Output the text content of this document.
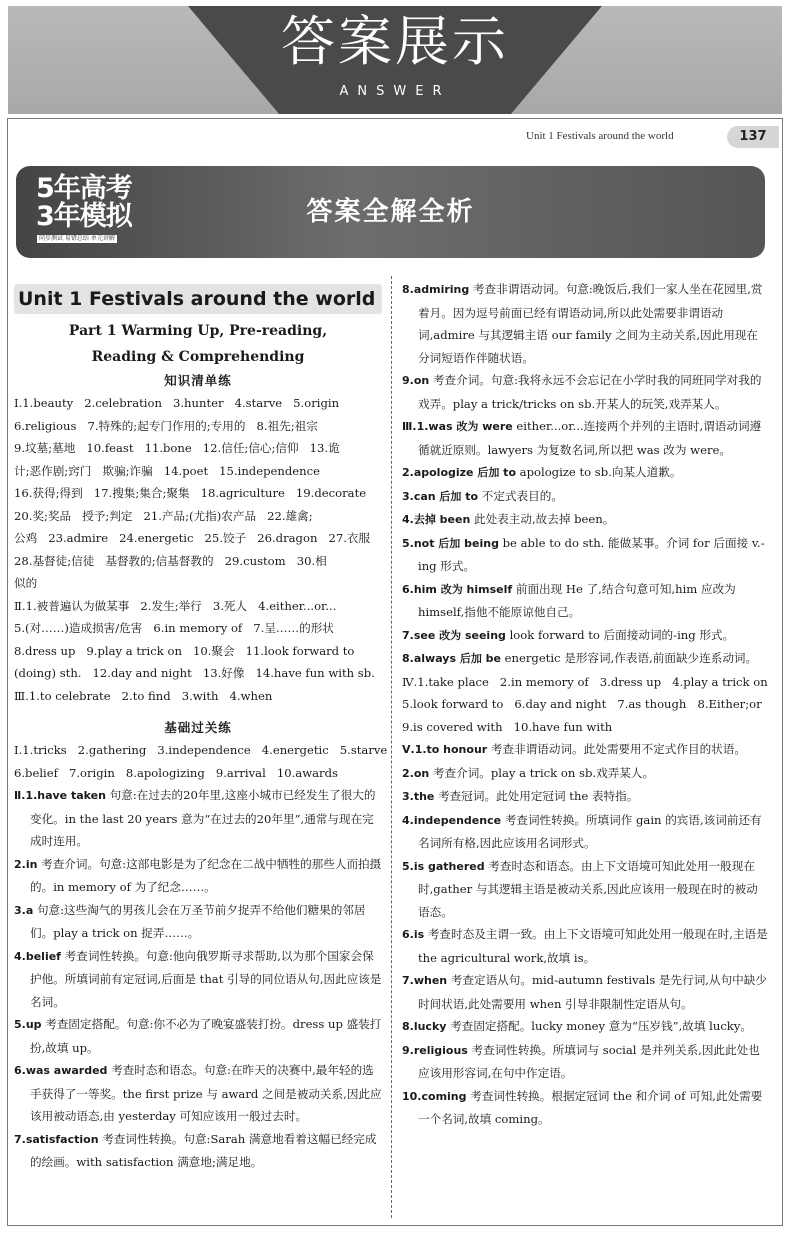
答案展示
ANSWER
Unit 1 Festivals around the world	137
5年高考
3年模拟
同步测试 易错总结 单元讲解
答案全解全析
Unit 1 Festivals around the world
Part 1 Warming Up, Pre-reading,
Reading & Comprehending
知识清单练
Ⅰ.1.beauty   2.celebration   3.hunter   4.starve   5.origin
6.religious   7.特殊的;起专门作用的;专用的   8.祖先;祖宗
9.坟墓;墓地   10.feast   11.bone   12.信任;信心;信仰   13.诡
计;恶作剧;窍门   欺骗;诈骗   14.poet   15.independence
16.获得;得到   17.搜集;集合;聚集   18.agriculture   19.decorate
20.奖;奖品   授予;判定   21.产品;(尤指)农产品   22.雄禽;
公鸡   23.admire   24.energetic   25.饺子   26.dragon   27.衣服
28.基督徒;信徒   基督教的;信基督教的   29.custom   30.相
似的
Ⅱ.1.被普遍认为做某事   2.发生;举行   3.死人   4.either...or...
5.(对……)造成损害/危害   6.in memory of   7.呈……的形状
8.dress up   9.play a trick on   10.聚会   11.look forward to
(doing) sth.   12.day and night   13.好像   14.have fun with sb.
Ⅲ.1.to celebrate   2.to find   3.with   4.when
基础过关练
Ⅰ.1.tricks   2.gathering   3.independence   4.energetic   5.starve
6.belief   7.origin   8.apologizing   9.arrival   10.awards
Ⅱ.1.have taken 句意:在过去的20年里,这座小城市已经发生了很大的变化。in the last 20 years 意为“在过去的20年里”,通常与现在完成时连用。
2.in 考查介词。句意:这部电影是为了纪念在二战中牺牲的那些人而拍摄的。in memory of 为了纪念……。
3.a 句意:这些淘气的男孩儿会在万圣节前夕捉弄不给他们糖果的邻居们。play a trick on 捉弄……。
4.belief 考查词性转换。句意:他向俄罗斯寻求帮助,以为那个国家会保护他。所填词前有定冠词,后面是 that 引导的同位语从句,因此应该是名词。
5.up 考查固定搭配。句意:你不必为了晚宴盛装打扮。dress up 盛装打扮,故填 up。
6.was awarded 考查时态和语态。句意:在昨天的决赛中,最年轻的选手获得了一等奖。the first prize 与 award 之间是被动关系,因此应该用被动语态,由 yesterday 可知应该用一般过去时。
7.satisfaction 考查词性转换。句意:Sarah 满意地看着这幅已经完成的绘画。with satisfaction 满意地;满足地。
8.admiring 考查非谓语动词。句意:晚饭后,我们一家人坐在花园里,赏着月。因为逗号前面已经有谓语动词,所以此处需要非谓语动词,admire 与其逻辑主语 our family 之间为主动关系,因此用现在分词短语作伴随状语。
9.on 考查介词。句意:我将永远不会忘记在小学时我的同班同学对我的戏弄。play a trick/tricks on sb.开某人的玩笑,戏弄某人。
Ⅲ.1.was 改为 were either...or...连接两个并列的主语时,谓语动词遵循就近原则。lawyers 为复数名词,所以把 was 改为 were。
2.apologize 后加 to apologize to sb.向某人道歉。
3.can 后加 to 不定式表目的。
4.去掉 been 此处表主动,故去掉 been。
5.not 后加 being be able to do sth. 能做某事。介词 for 后面接 v.-ing 形式。
6.him 改为 himself 前面出现 He 了,结合句意可知,him 应改为 himself,指他不能原谅他自己。
7.see 改为 seeing look forward to 后面接动词的-ing 形式。
8.always 后加 be energetic 是形容词,作表语,前面缺少连系动词。
Ⅳ.1.take place   2.in memory of   3.dress up   4.play a trick on
5.look forward to   6.day and night   7.as though   8.Either;or
9.is covered with   10.have fun with
Ⅴ.1.to honour 考查非谓语动词。此处需要用不定式作目的状语。
2.on 考查介词。play a trick on sb.戏弄某人。
3.the 考查冠词。此处用定冠词 the 表特指。
4.independence 考查词性转换。所填词作 gain 的宾语,该词前还有名词所有格,因此应该用名词形式。
5.is gathered 考查时态和语态。由上下文语境可知此处用一般现在时,gather 与其逻辑主语是被动关系,因此应该用一般现在时的被动语态。
6.is 考查时态及主谓一致。由上下文语境可知此处用一般现在时,主语是 the agricultural work,故填 is。
7.when 考查定语从句。mid-autumn festivals 是先行词,从句中缺少时间状语,此处需要用 when 引导非限制性定语从句。
8.lucky 考查固定搭配。lucky money 意为“压岁钱”,故填 lucky。
9.religious 考查词性转换。所填词与 social 是并列关系,因此此处也应该用形容词,在句中作定语。
10.coming 考查词性转换。根据定冠词 the 和介词 of 可知,此处需要一个名词,故填 coming。
